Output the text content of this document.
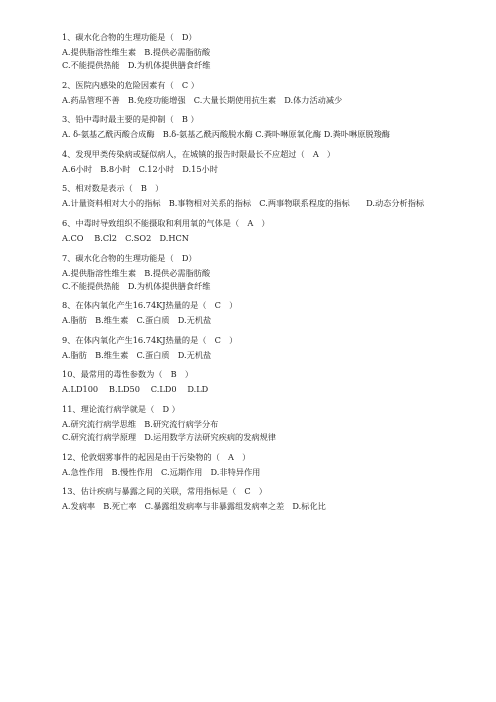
1、碳水化合物的生理功能是（　D）
A.提供脂溶性维生素　B.提供必需脂肪酸
C.不能提供热能　D.为机体提供膳食纤维
2、医院内感染的危险因素有（　C ）
A.药品管理不善　B.免疫功能增强　C.大量长期使用抗生素　D.体力活动减少
3、铅中毒时最主要的是抑制（　B ）
A. δ-氨基乙酰丙酸合成酶　B.δ-氨基乙酰丙酸脱水酶 C.粪卟啉原氧化酶 D.粪卟啉原脱羧酶
4、发现甲类传染病或疑似病人，在城镇的报告时限最长不应超过（　A　）
A.6小时　B.8小时　C.12小时　D.15小时
5、相对数是表示（　B　）
A.计量资料相对大小的指标　B.事物相对关系的指标　C.两事物联系程度的指标　　D.动态分析指标
6、中毒时导致组织不能摄取和利用氧的气体是（　A　）
A.CO　 B.Cl2　C.SO2　D.HCN
7、碳水化合物的生理功能是（　D）
A.提供脂溶性维生素　B.提供必需脂肪酸
C.不能提供热能　D.为机体提供膳食纤维
8、在体内氧化产生16.74KJ热量的是（　C　）
A.脂肪　B.维生素　C.蛋白质　D.无机盐
9、在体内氧化产生16.74KJ热量的是（　C　）
A.脂肪　B.维生素　C.蛋白质　D.无机盐
10、最常用的毒性参数为（　B　）
A.LD100　 B.LD50　 C.LD0　 D.LD
11、理论流行病学就是（　D ）
A.研究流行病学思维　B.研究流行病学分布
C.研究流行病学原理　D.运用数学方法研究疾病的发病规律
12、伦敦烟雾事件的起因是由于污染物的（　A　）
A.急性作用　B.慢性作用　C.远期作用　D.非特异作用
13、估计疾病与暴露之间的关联，常用指标是（　C　）
A.发病率　B.死亡率　C.暴露组发病率与非暴露组发病率之差　D.标化比
